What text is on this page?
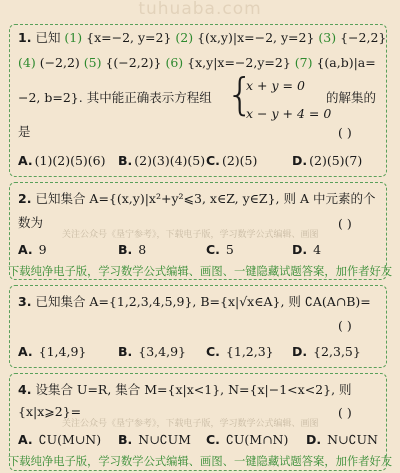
tuhuaba.com
1. 已知 (1) {x=−2, y=2} (2) {(x,y)|x=−2, y=2} (3) {−2,2}
(4) (−2,2) (5) {(−2,2)} (6) {x,y|x=−2,y=2} (7) {(a,b)|a=
−2, b=2}. 其中能正确表示方程组 {
x + y = 0
x − y + 4 = 0
的解集的
是	( )
A. (1)(2)(5)(6) B. (2)(3)(4)(5) C. (2)(5)	D. (2)(5)(7)
2. 已知集合 A={(x,y)|x²+y²⩽3, x∈Z, y∈Z}, 则 A 中元素的个
数为
关注公众号《垦宁参考》，下载电子版，学习数学公式编辑、画图
( )
A. 9	B. 8	C. 5	D. 4
下载纯净电子版，学习数学公式编辑、画图、一键隐藏试题答案，加作者好友
3. 已知集合 A={1,2,3,4,5,9}, B={x|√x∈A}, 则 ∁A(A∩B)=
( )
A. {1,4,9}	B. {3,4,9} C. {1,2,3} D. {2,3,5}
4. 设集合 U=R, 集合 M={x|x<1}, N={x|−1<x<2}, 则
{x|x⩾2}=
关注公众号《垦宁参考》，下载电子版，学习数学公式编辑、画图
( )
A. ∁U(M∪N) B. N∪∁UM C. ∁U(M∩N) D. N∪∁UN
下载纯净电子版，学习数学公式编辑、画图、一键隐藏试题答案，加作者好友
